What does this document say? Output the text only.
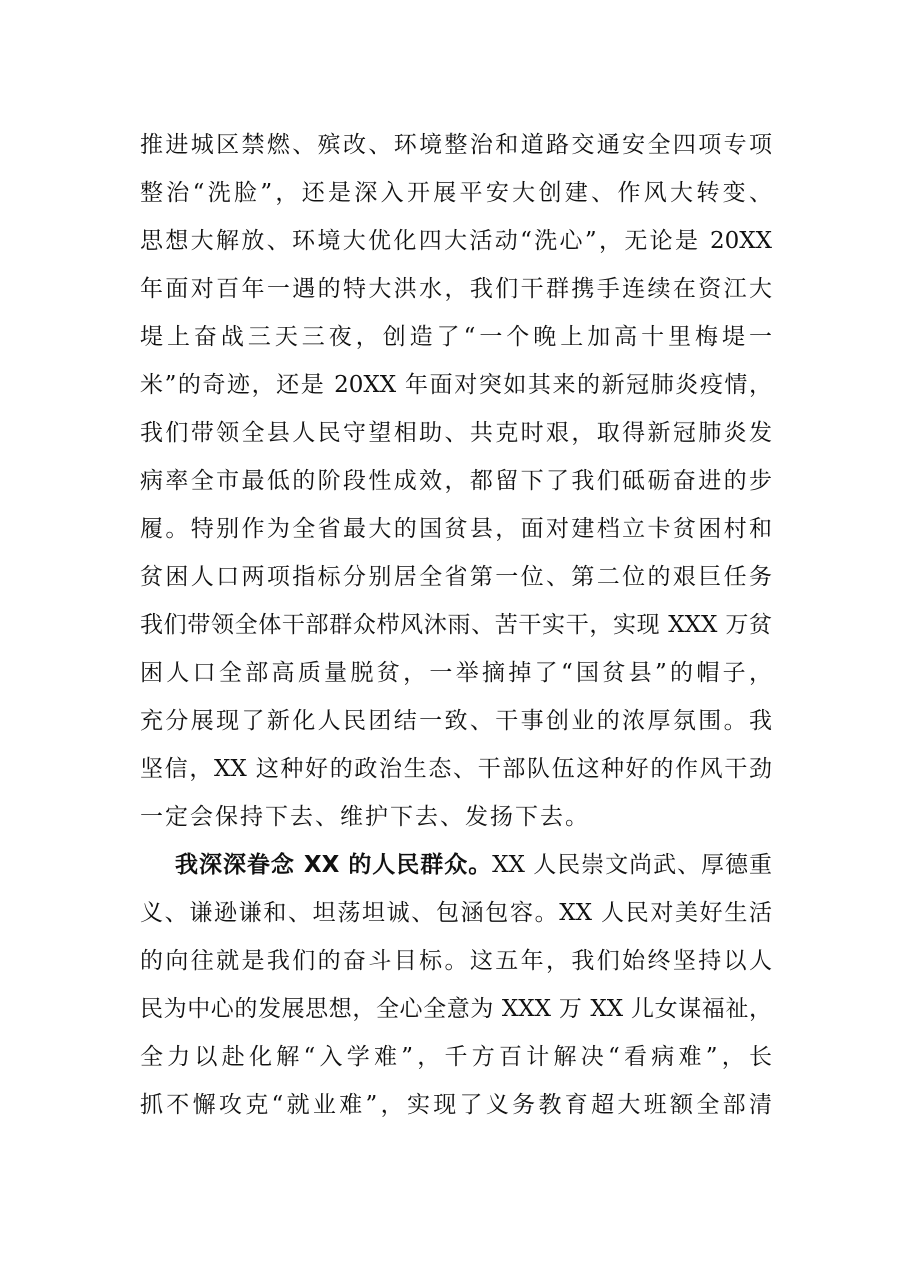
推进城区禁燃、殡改、环境整治和道路交通安全四项专项
整治“洗脸”，还是深入开展平安大创建、作风大转变、
思想大解放、环境大优化四大活动“洗心”，无论是 20XX
年面对百年一遇的特大洪水，我们干群携手连续在资江大
堤上奋战三天三夜，创造了“一个晚上加高十里梅堤一
米”的奇迹，还是 20XX 年面对突如其来的新冠肺炎疫情，
我们带领全县人民守望相助、共克时艰，取得新冠肺炎发
病率全市最低的阶段性成效，都留下了我们砥砺奋进的步
履。特别作为全省最大的国贫县，面对建档立卡贫困村和
贫困人口两项指标分别居全省第一位、第二位的艰巨任务
我们带领全体干部群众栉风沐雨、苦干实干，实现 XXX 万贫
困人口全部高质量脱贫，一举摘掉了“国贫县”的帽子，
充分展现了新化人民团结一致、干事创业的浓厚氛围。我
坚信，XX 这种好的政治生态、干部队伍这种好的作风干劲
一定会保持下去、维护下去、发扬下去。
我深深眷念 XX 的人民群众。XX 人民崇文尚武、厚德重
义、谦逊谦和、坦荡坦诚、包涵包容。XX 人民对美好生活
的向往就是我们的奋斗目标。这五年，我们始终坚持以人
民为中心的发展思想，全心全意为 XXX 万 XX 儿女谋福祉，
全力以赴化解“入学难”，千方百计解决“看病难”，长
抓不懈攻克“就业难”，实现了义务教育超大班额全部清
